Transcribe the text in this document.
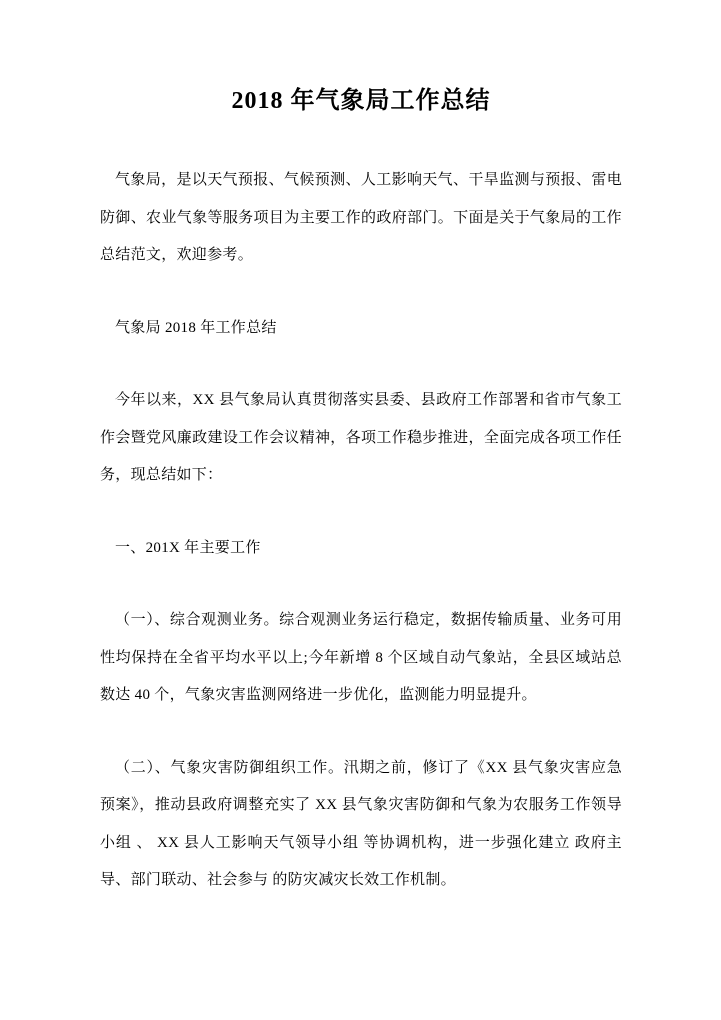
2018 年气象局工作总结

气象局，是以天气预报、气候预测、人工影响天气、干旱监测与预报、雷电防御、农业气象等服务项目为主要工作的政府部门。下面是关于气象局的工作总结范文，欢迎参考。

气象局 2018 年工作总结

今年以来，XX 县气象局认真贯彻落实县委、县政府工作部署和省市气象工作会暨党风廉政建设工作会议精神，各项工作稳步推进，全面完成各项工作任务，现总结如下：

一、201X 年主要工作

（一）、综合观测业务。综合观测业务运行稳定，数据传输质量、业务可用性均保持在全省平均水平以上;今年新增 8 个区域自动气象站，全县区域站总数达 40 个，气象灾害监测网络进一步优化，监测能力明显提升。

（二）、气象灾害防御组织工作。汛期之前，修订了《XX 县气象灾害应急预案》，推动县政府调整充实了 XX 县气象灾害防御和气象为农服务工作领导小组 、 XX 县人工影响天气领导小组 等协调机构，进一步强化建立 政府主导、部门联动、社会参与 的防灾减灾长效工作机制。
